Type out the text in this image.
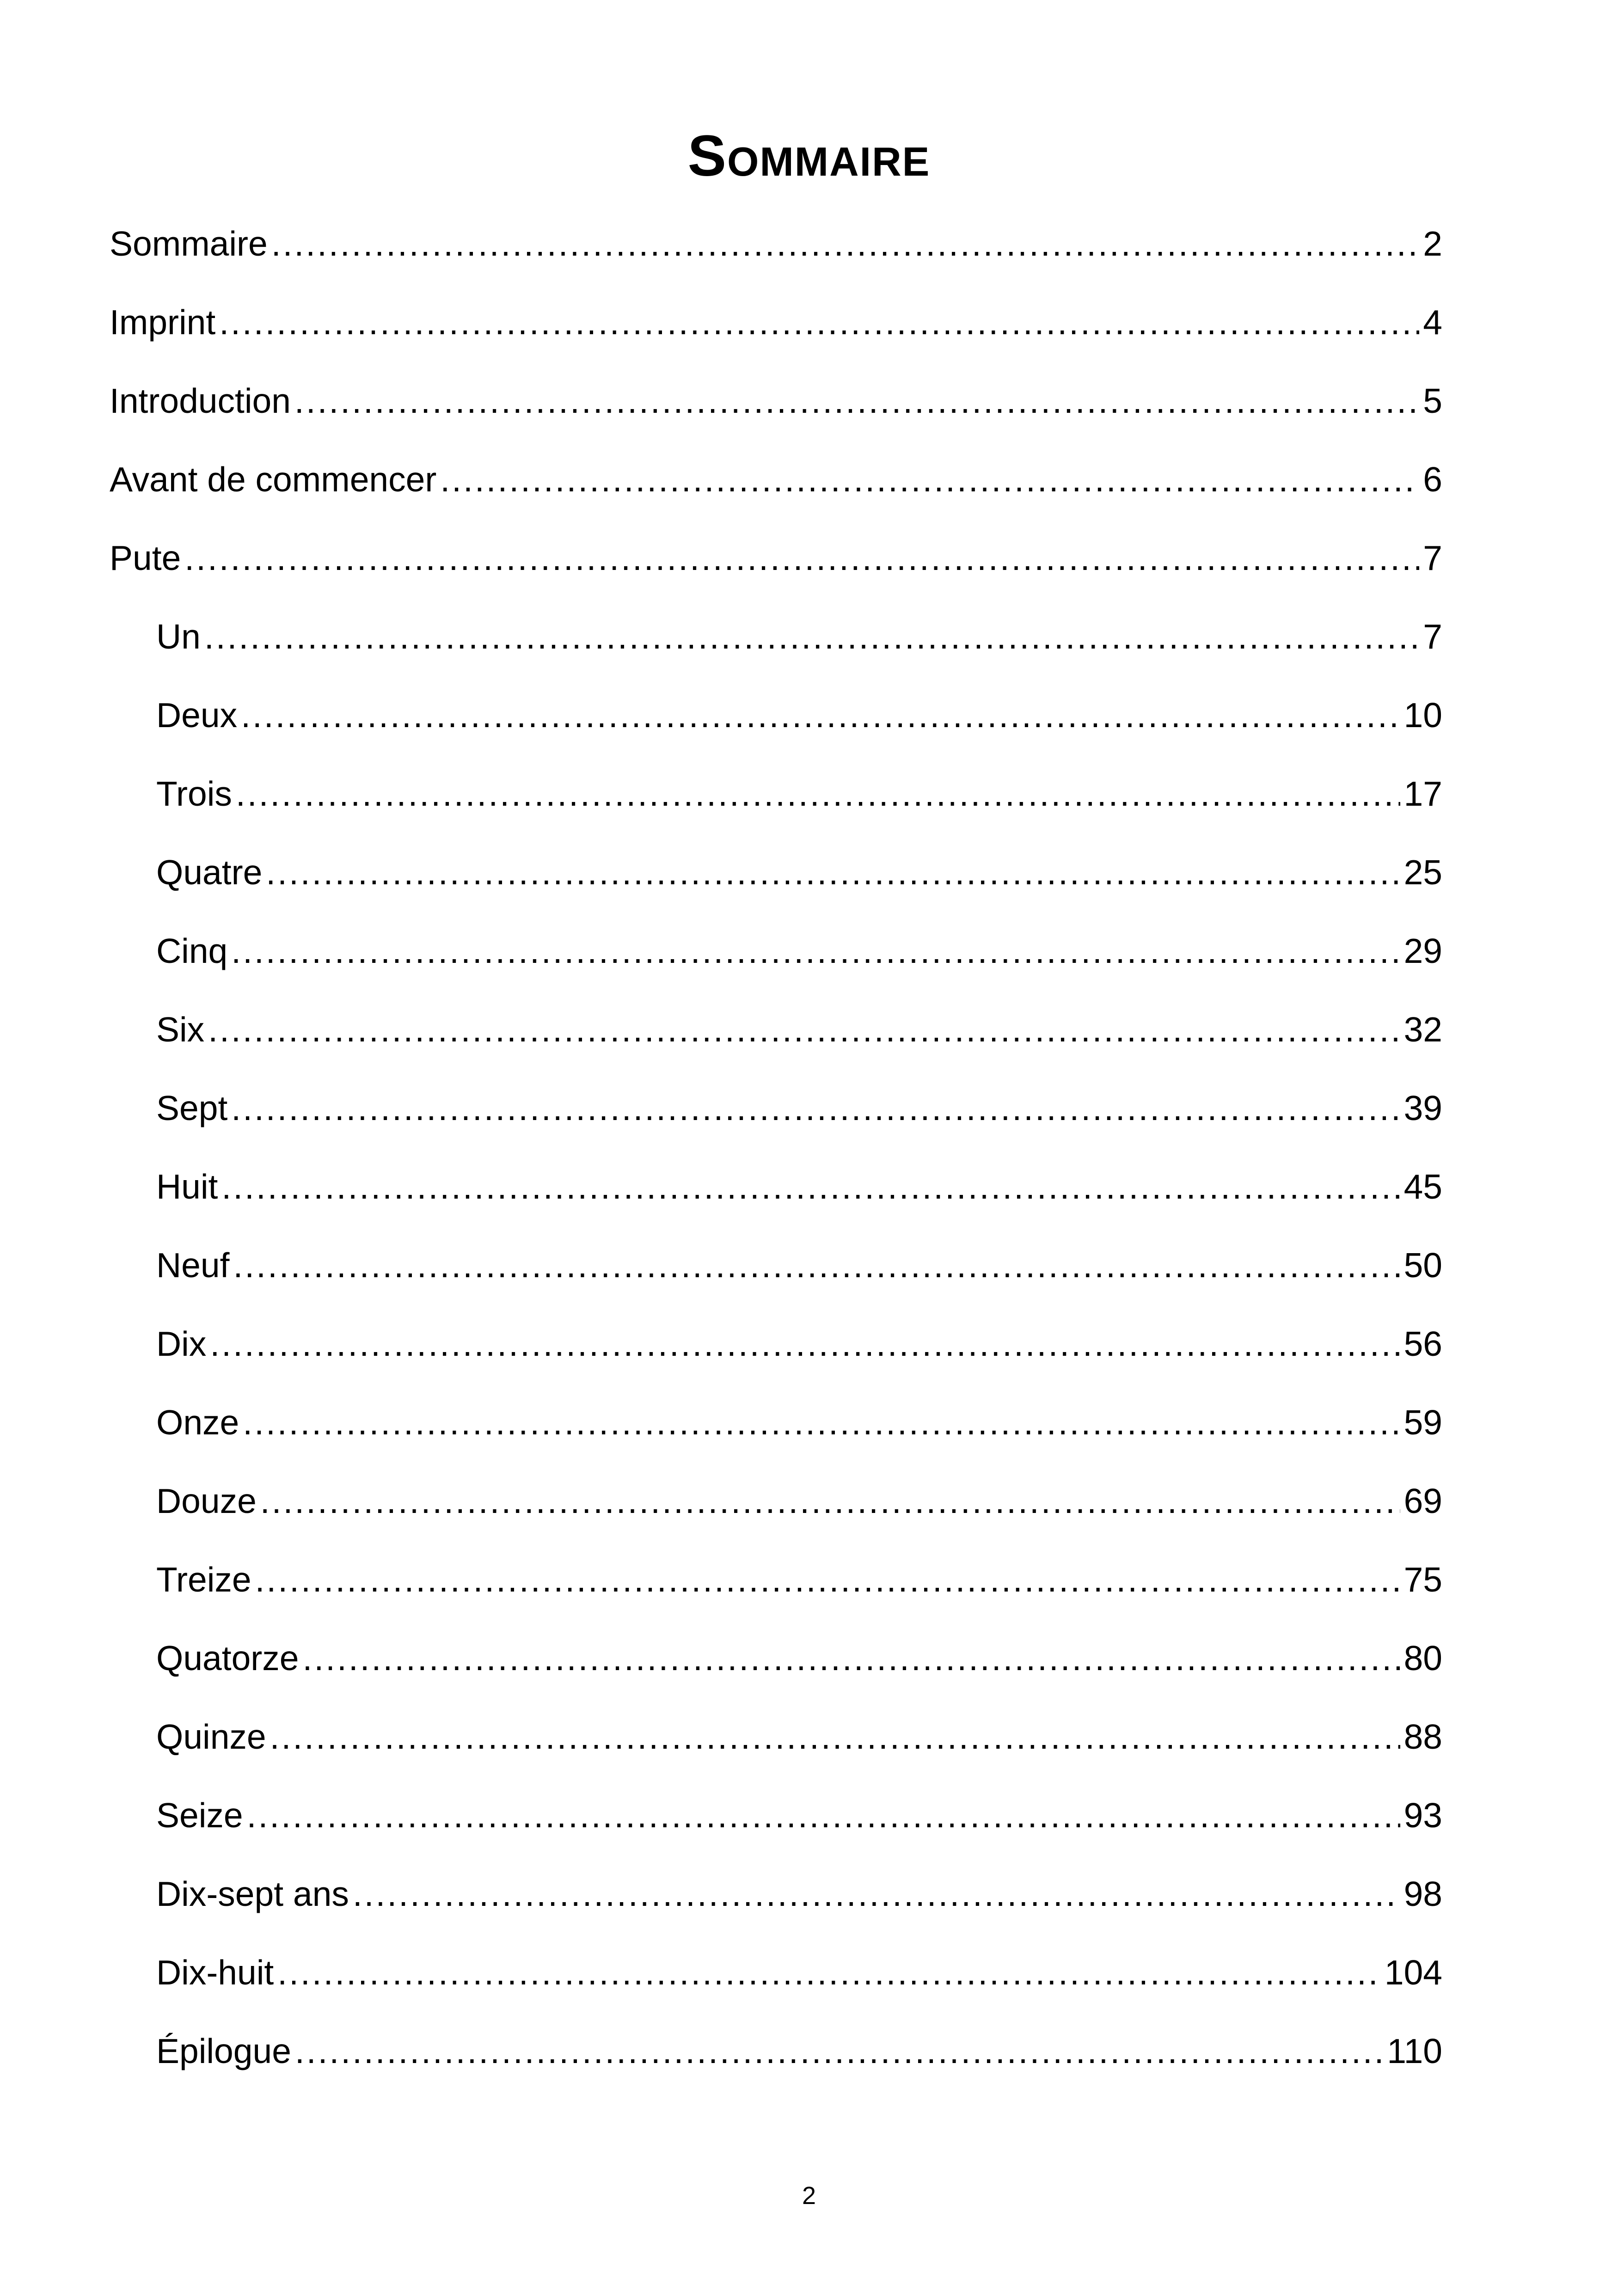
Sommaire
Sommaire .....	2
Imprint .....	4
Introduction .....	5
Avant de commencer .....	6
Pute .....	7
Un .....	7
Deux .....	10
Trois .....	17
Quatre .....	25
Cinq .....	29
Six .....	32
Sept .....	39
Huit .....	45
Neuf .....	50
Dix .....	56
Onze .....	59
Douze .....	69
Treize .....	75
Quatorze .....	80
Quinze .....	88
Seize .....	93
Dix-sept ans .....	98
Dix-huit .....	104
Épilogue .....	110
2
